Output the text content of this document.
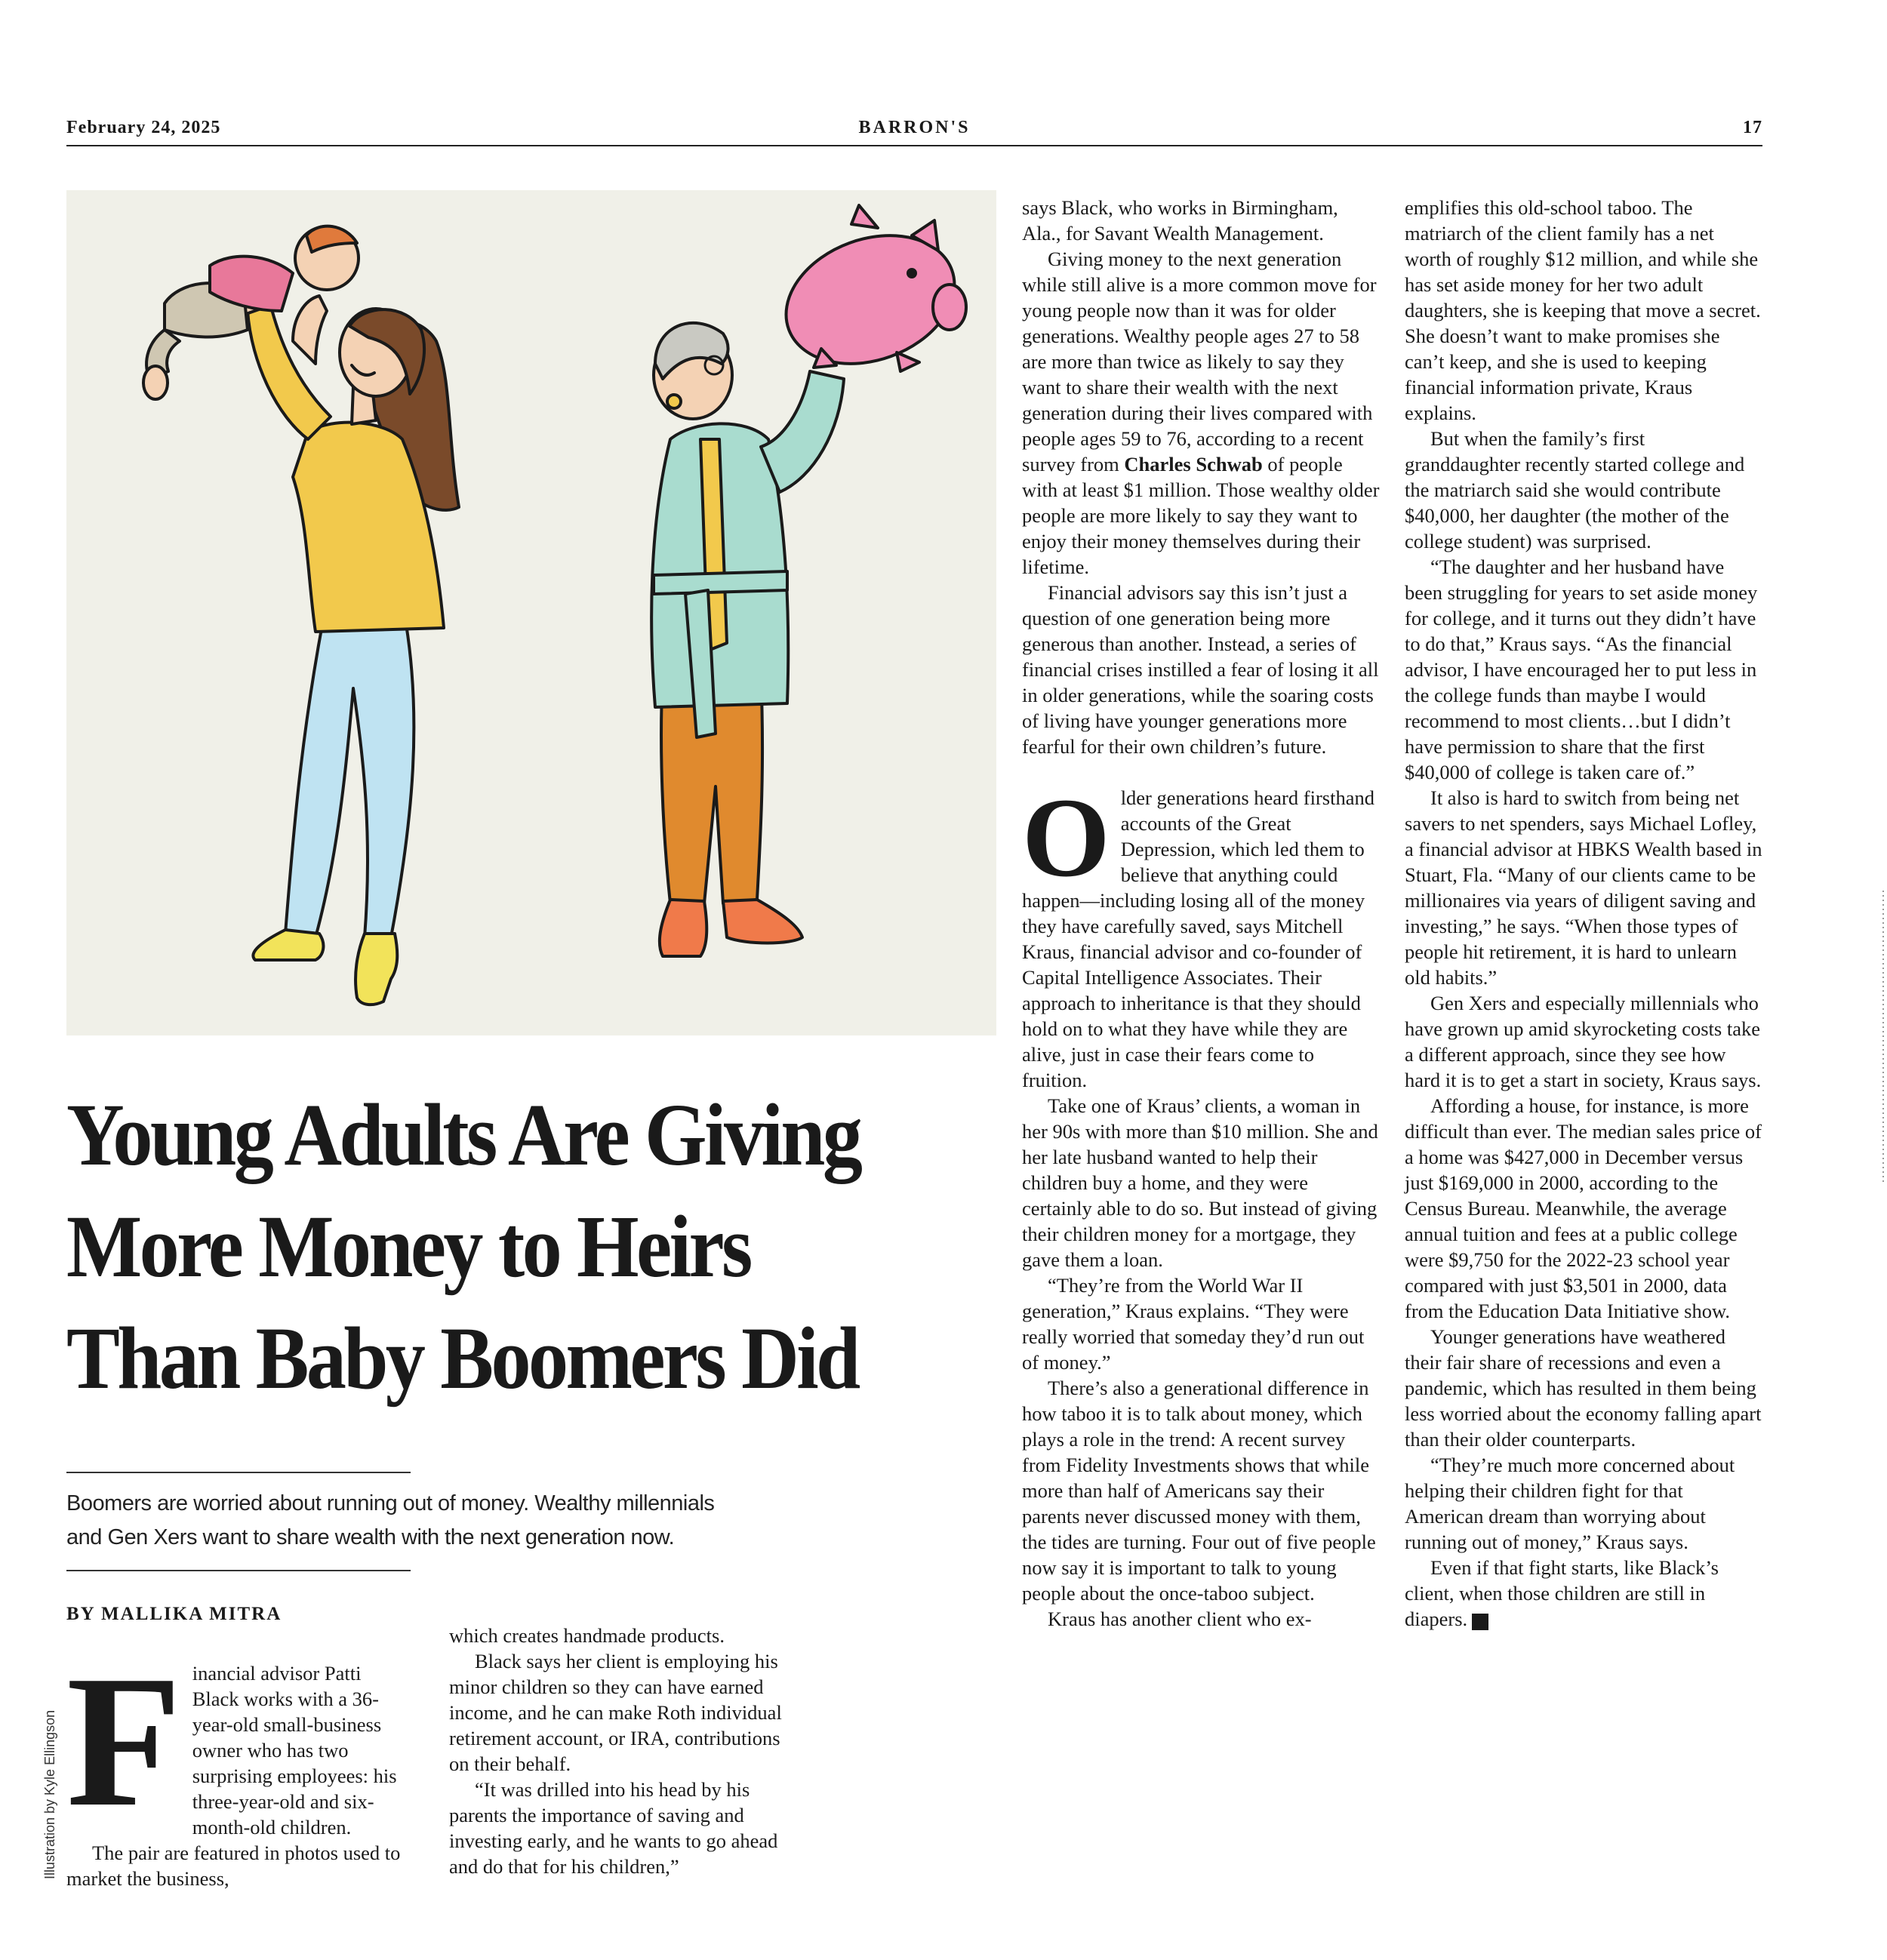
February 24, 2025	BARRON'S	17
Illustration by Kyle Ellingson
Young Adults Are Giving
More Money to Heirs
Than Baby Boomers Did

Boomers are worried about running out of money. Wealthy millennials
and Gen Xers want to share wealth with the next generation now.

BY MALLIKA MITRA

Financial advisor Patti Black works with a 36-year-old small-business owner who has two surprising employees: his three-year-old and six-month-old children.

The pair are featured in photos used to market the business,

which creates handmade products.

Black says her client is employing his minor children so they can have earned income, and he can make Roth individual retirement account, or IRA, contributions on their behalf.

“It was drilled into his head by his parents the importance of saving and investing early, and he wants to go ahead and do that for his children,”

says Black, who works in Birmingham, Ala., for Savant Wealth Management.

Giving money to the next generation while still alive is a more common move for young people now than it was for older generations. Wealthy people ages 27 to 58 are more than twice as likely to say they want to share their wealth with the next generation during their lives compared with people ages 59 to 76, according to a recent survey from Charles Schwab of people with at least $1 million. Those wealthy older people are more likely to say they want to enjoy their money themselves during their lifetime.

Financial advisors say this isn’t just a question of one generation being more generous than another. Instead, a series of financial crises instilled a fear of losing it all in older generations, while the soaring costs of living have younger generations more fearful for their own children’s future.

Older generations heard firsthand accounts of the Great Depression, which led them to believe that anything could happen—including losing all of the money they have carefully saved, says Mitchell Kraus, financial advisor and co-founder of Capital Intelligence Associates. Their approach to inheritance is that they should hold on to what they have while they are alive, just in case their fears come to fruition.

Take one of Kraus’ clients, a woman in her 90s with more than $10 million. She and her late husband wanted to help their children buy a home, and they were certainly able to do so. But instead of giving their children money for a mortgage, they gave them a loan.

“They’re from the World War II generation,” Kraus explains. “They were really worried that someday they’d run out of money.”

There’s also a generational difference in how taboo it is to talk about money, which plays a role in the trend: A recent survey from Fidelity Investments shows that while more than half of Americans say their parents never discussed money with them, the tides are turning. Four out of five people now say it is important to talk to young people about the once-taboo subject.

Kraus has another client who ex-

emplifies this old-school taboo. The matriarch of the client family has a net worth of roughly $12 million, and while she has set aside money for her two adult daughters, she is keeping that move a secret. She doesn’t want to make promises she can’t keep, and she is used to keeping financial information private, Kraus explains.

But when the family’s first granddaughter recently started college and the matriarch said she would contribute $40,000, her daughter (the mother of the college student) was surprised.

“The daughter and her husband have been struggling for years to set aside money for college, and it turns out they didn’t have to do that,” Kraus says. “As the financial advisor, I have encouraged her to put less in the college funds than maybe I would recommend to most clients…but I didn’t have permission to share that the first $40,000 of college is taken care of.”

It also is hard to switch from being net savers to net spenders, says Michael Lofley, a financial advisor at HBKS Wealth based in Stuart, Fla. “Many of our clients came to be millionaires via years of diligent saving and investing,” he says. “When those types of people hit retirement, it is hard to unlearn old habits.”

Gen Xers and especially millennials who have grown up amid skyrocketing costs take a different approach, since they see how hard it is to get a start in society, Kraus says.

Affording a house, for instance, is more difficult than ever. The median sales price of a home was $427,000 in December versus just $169,000 in 2000, according to the Census Bureau. Meanwhile, the average annual tuition and fees at a public college were $9,750 for the 2022-23 school year compared with just $3,501 in 2000, data from the Education Data Initiative show.

Younger generations have weathered their fair share of recessions and even a pandemic, which has resulted in them being less worried about the economy falling apart than their older counterparts.

“They’re much more concerned about helping their children fight for that American dream than worrying about running out of money,” Kraus says.

Even if that fight starts, like Black’s client, when those children are still in diapers.	B
